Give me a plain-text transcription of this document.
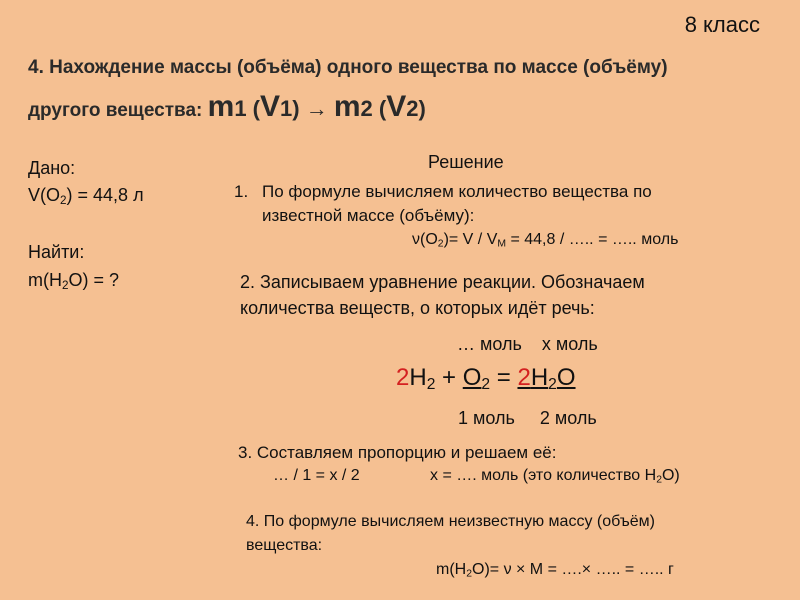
8 класс
4. Нахождение массы (объёма) одного вещества по массе (объёму)
другого вещества: m1 (V1) → m2 (V2)
Дано:
$V(O_2) = 44,8$ л
Найти:
$m(H_2O)$ = ?
Решение
1. По формуле вычисляем количество вещества по
известной массе (объёму):
$\nu(O_2)= V / V_M = 44,8$ / ….. = ….. моль
2. Записываем уравнение реакции. Обозначаем
количества веществ, о которых идёт речь:
… моль    х моль
$2H_2 + O_2 = 2H_2O$
1 моль     2 моль
3. Составляем пропорцию и решаем её:
… / 1 = х / 2	х = …. моль (это количество $H_2O$)
4. По формуле вычисляем неизвестную массу (объём)
вещества:
$m(H_2O)= \nu \times M$ = ….× ….. = ….. г
